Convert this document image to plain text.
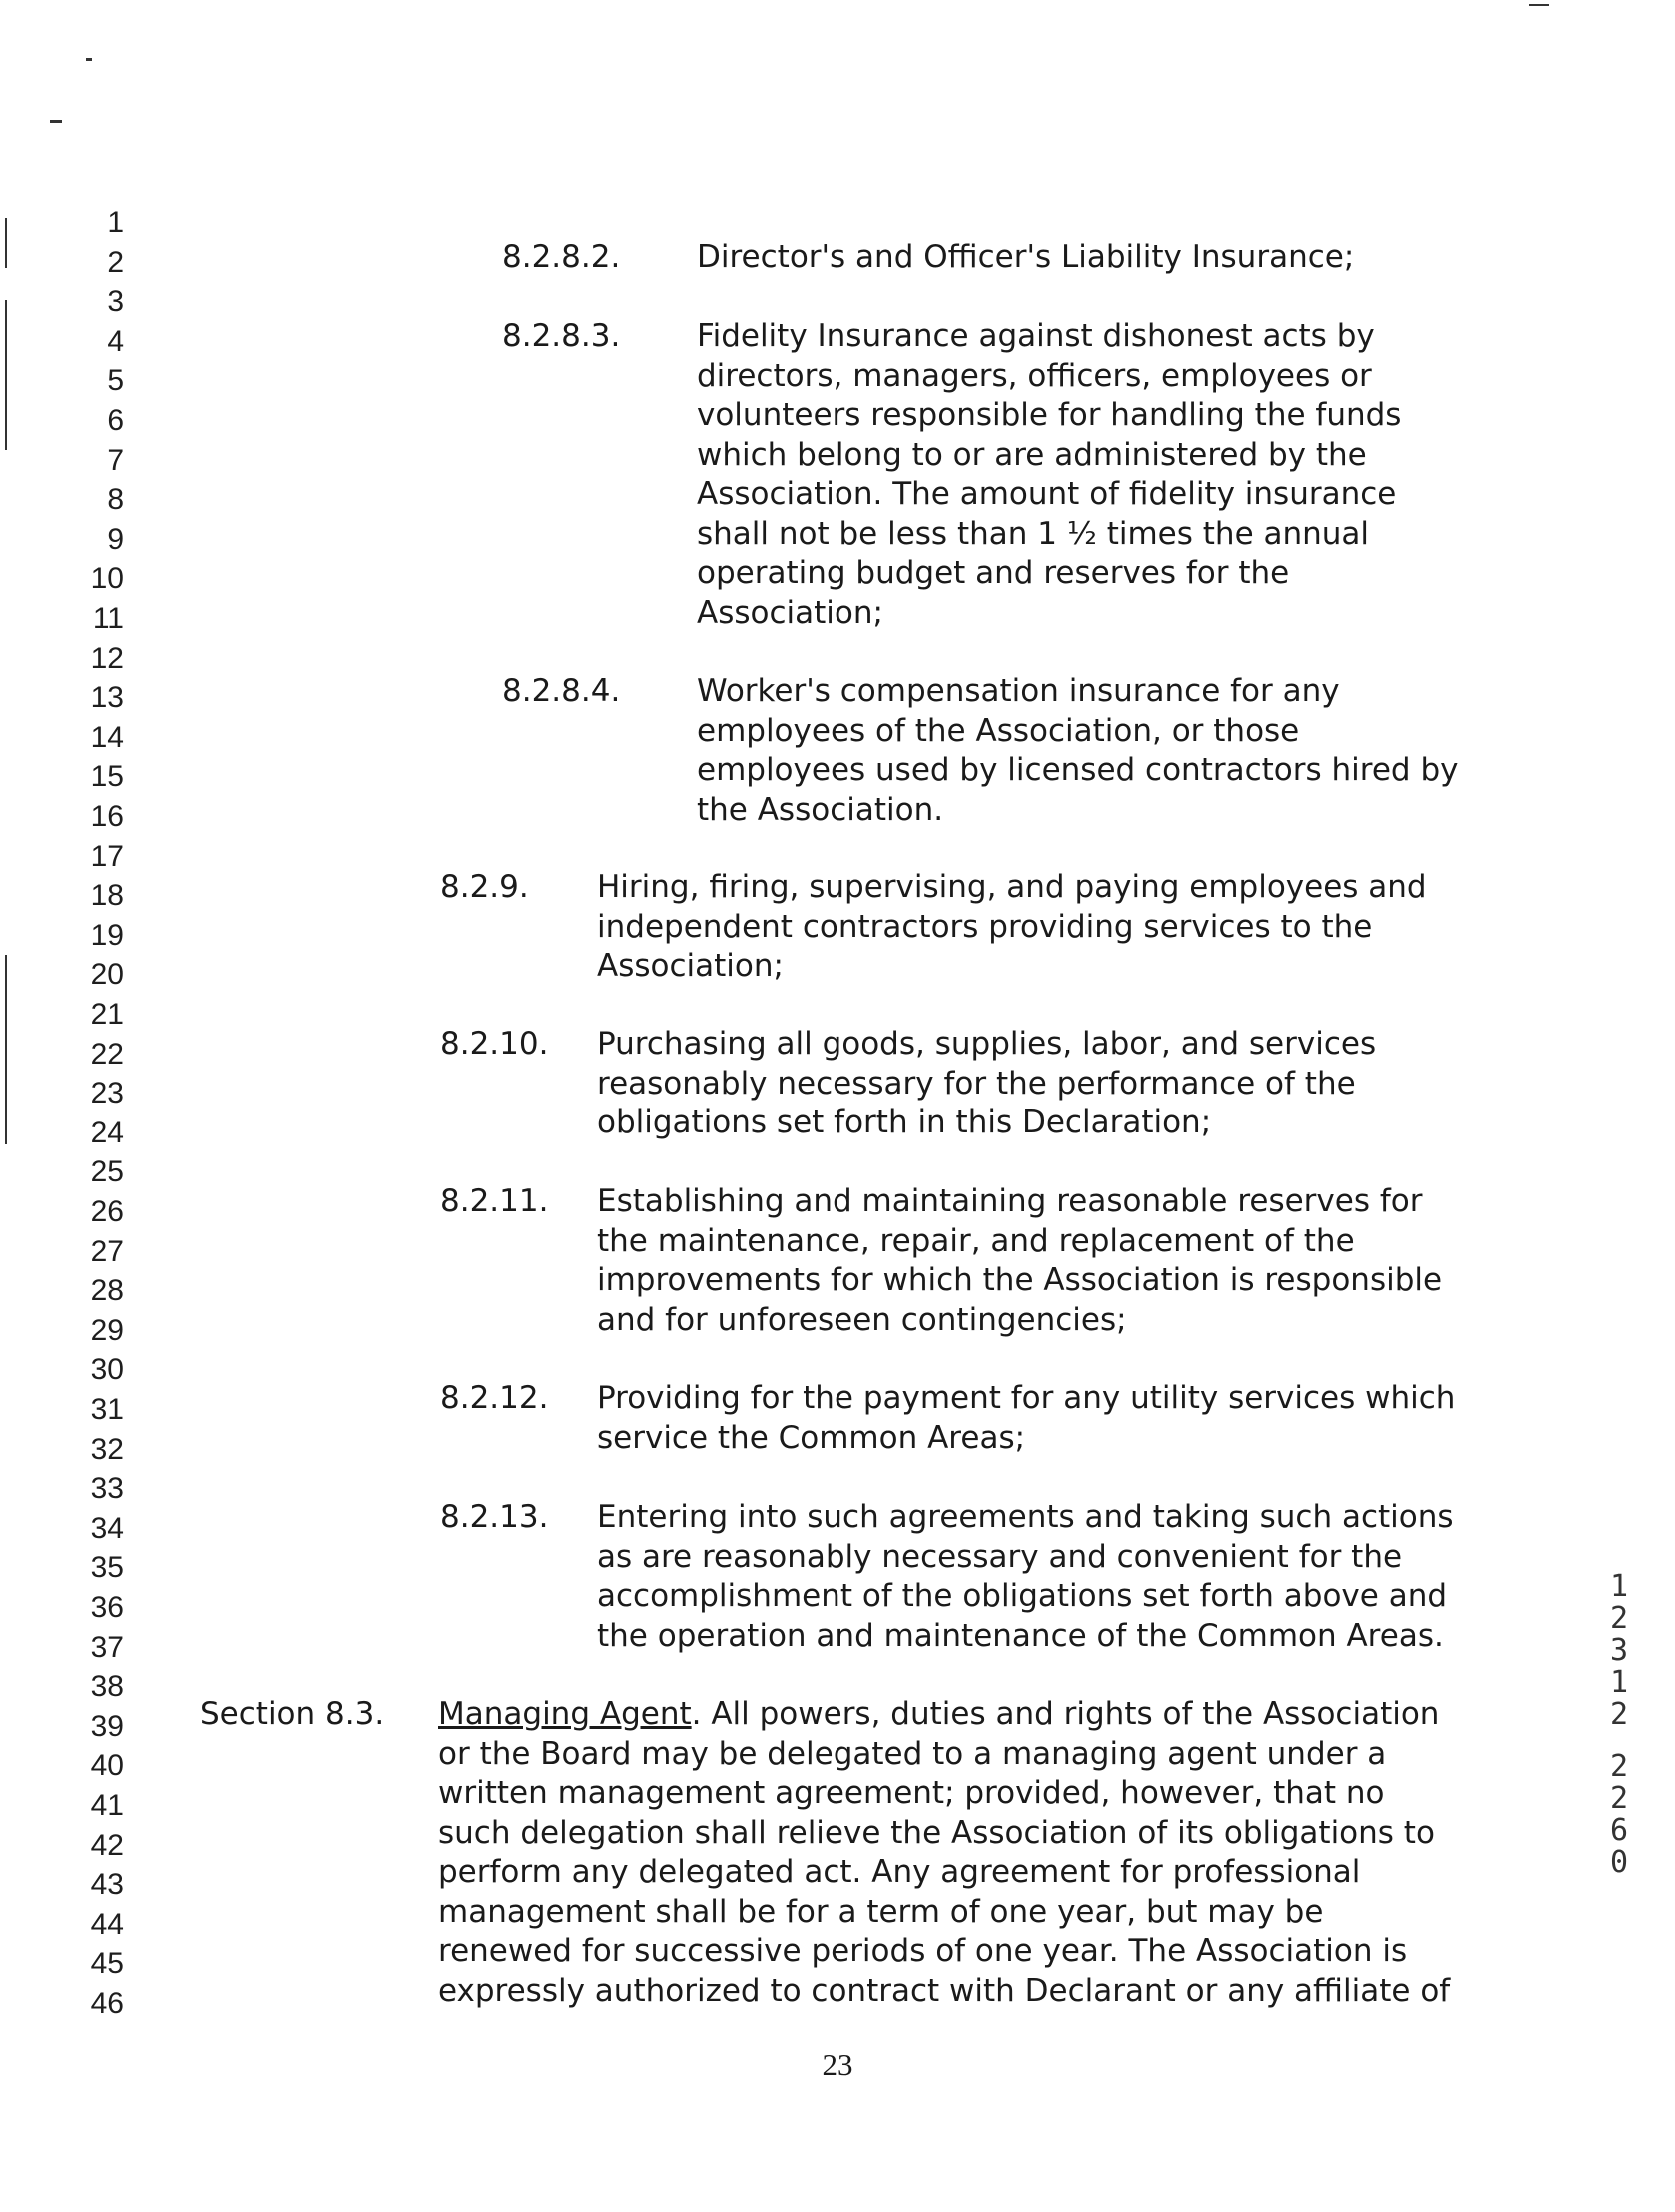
1
2
3
4
5
6
7
8
9
10
11
12
13
14
15
16
17
18
19
20
21
22
23
24
25
26
27
28
29
30
31
32
33
34
35
36
37
38
39
40
41
42
43
44
45
46
8.2.8.2. Director's and Officer's Liability Insurance;
8.2.8.3. Fidelity Insurance against dishonest acts by
directors, managers, officers, employees or
volunteers responsible for handling the funds
which belong to or are administered by the
Association. The amount of fidelity insurance
shall not be less than 1 ½ times the annual
operating budget and reserves for the
Association;
8.2.8.4. Worker's compensation insurance for any
employees of the Association, or those
employees used by licensed contractors hired by
the Association.
8.2.9. Hiring, firing, supervising, and paying employees and
independent contractors providing services to the
Association;
8.2.10. Purchasing all goods, supplies, labor, and services
reasonably necessary for the performance of the
obligations set forth in this Declaration;
8.2.11. Establishing and maintaining reasonable reserves for
the maintenance, repair, and replacement of the
improvements for which the Association is responsible
and for unforeseen contingencies;
8.2.12. Providing for the payment for any utility services which
service the Common Areas;
8.2.13. Entering into such agreements and taking such actions
as are reasonably necessary and convenient for the
accomplishment of the obligations set forth above and
the operation and maintenance of the Common Areas.
Section 8.3. Managing Agent. All powers, duties and rights of the Association
or the Board may be delegated to a managing agent under a
written management agreement; provided, however, that no
such delegation shall relieve the Association of its obligations to
perform any delegated act. Any agreement for professional
management shall be for a term of one year, but may be
renewed for successive periods of one year. The Association is
expressly authorized to contract with Declarant or any affiliate of
1
2
3
1
2
2
2
6
0
23
